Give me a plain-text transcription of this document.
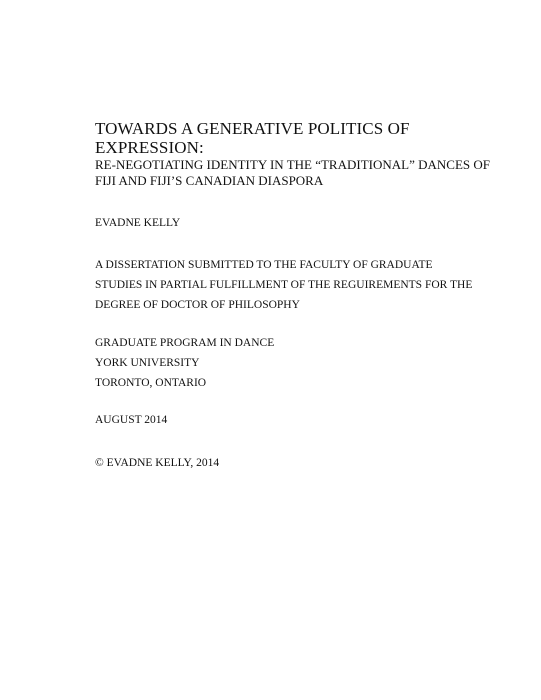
TOWARDS A GENERATIVE POLITICS OF
EXPRESSION:
RE-NEGOTIATING IDENTITY IN THE “TRADITIONAL” DANCES OF
FIJI AND FIJI’S CANADIAN DIASPORA
EVADNE KELLY
A DISSERTATION SUBMITTED TO THE FACULTY OF GRADUATE
STUDIES IN PARTIAL FULFILLMENT OF THE REGUIREMENTS FOR THE
DEGREE OF DOCTOR OF PHILOSOPHY
GRADUATE PROGRAM IN DANCE
YORK UNIVERSITY
TORONTO, ONTARIO
AUGUST 2014
© EVADNE KELLY, 2014
